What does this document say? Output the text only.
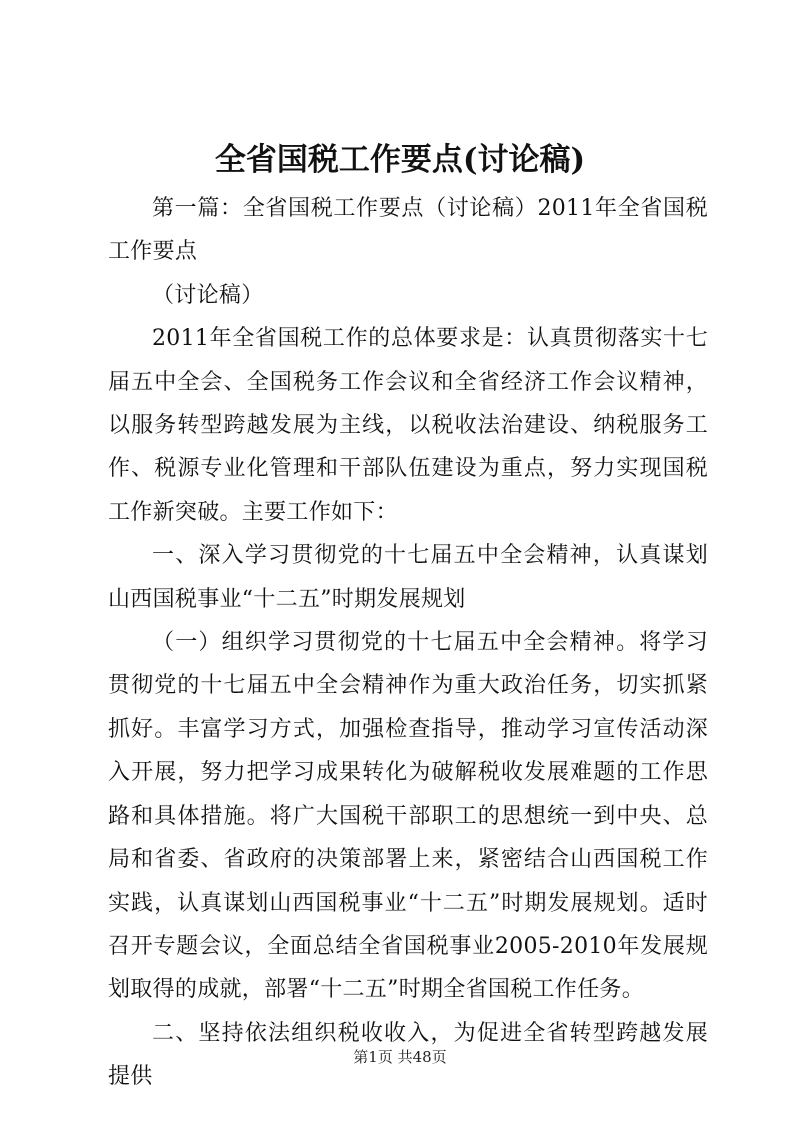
全省国税工作要点(讨论稿)

第一篇：全省国税工作要点（讨论稿）2011年全省国税工作要点

（讨论稿）

2011年全省国税工作的总体要求是：认真贯彻落实十七届五中全会、全国税务工作会议和全省经济工作会议精神，以服务转型跨越发展为主线，以税收法治建设、纳税服务工作、税源专业化管理和干部队伍建设为重点，努力实现国税工作新突破。主要工作如下：

一、深入学习贯彻党的十七届五中全会精神，认真谋划山西国税事业“十二五”时期发展规划

（一）组织学习贯彻党的十七届五中全会精神。将学习贯彻党的十七届五中全会精神作为重大政治任务，切实抓紧抓好。丰富学习方式，加强检查指导，推动学习宣传活动深入开展，努力把学习成果转化为破解税收发展难题的工作思路和具体措施。将广大国税干部职工的思想统一到中央、总局和省委、省政府的决策部署上来，紧密结合山西国税工作实践，认真谋划山西国税事业“十二五”时期发展规划。适时召开专题会议，全面总结全省国税事业2005-2010年发展规划取得的成就，部署“十二五”时期全省国税工作任务。

二、坚持依法组织税收收入，为促进全省转型跨越发展提供

第1页 共48页
